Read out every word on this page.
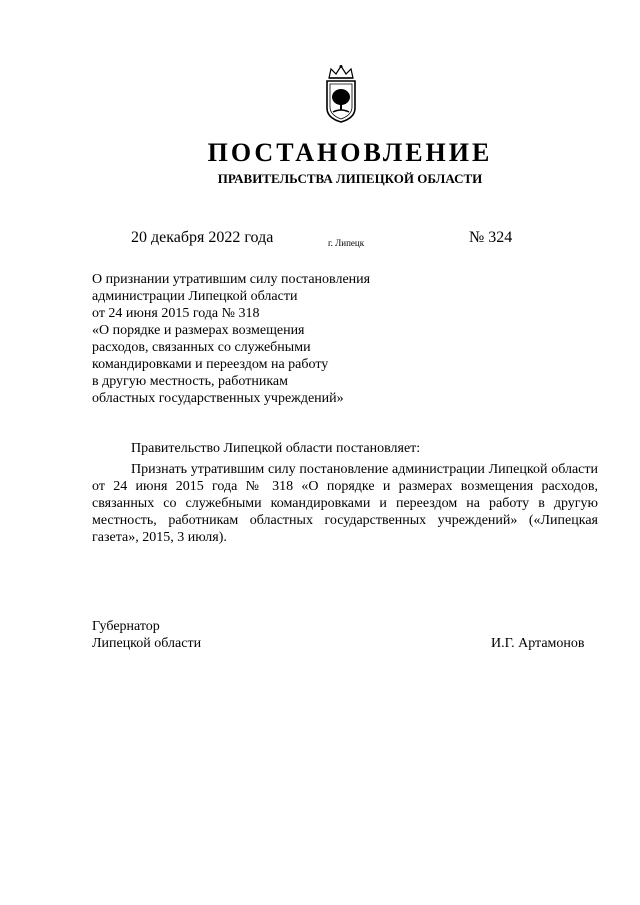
ПОСТАНОВЛЕНИЕ
ПРАВИТЕЛЬСТВА ЛИПЕЦКОЙ ОБЛАСТИ
20 декабря 2022 года	г. Липецк	№ 324
О признании утратившим силу постановления
администрации Липецкой области
от 24 июня 2015 года № 318
«О порядке и размерах возмещения
расходов, связанных со служебными
командировками и переездом на работу
в другую местность, работникам
областных государственных учреждений»
Правительство Липецкой области постановляет:
Признать утратившим силу постановление администрации Липецкой области от 24 июня 2015 года № 318 «О порядке и размерах возмещения расходов, связанных со служебными командировками и переездом на работу в другую местность, работникам областных государственных учреждений» («Липецкая газета», 2015, 3 июля).
Губернатор
Липецкой области	И.Г. Артамонов
